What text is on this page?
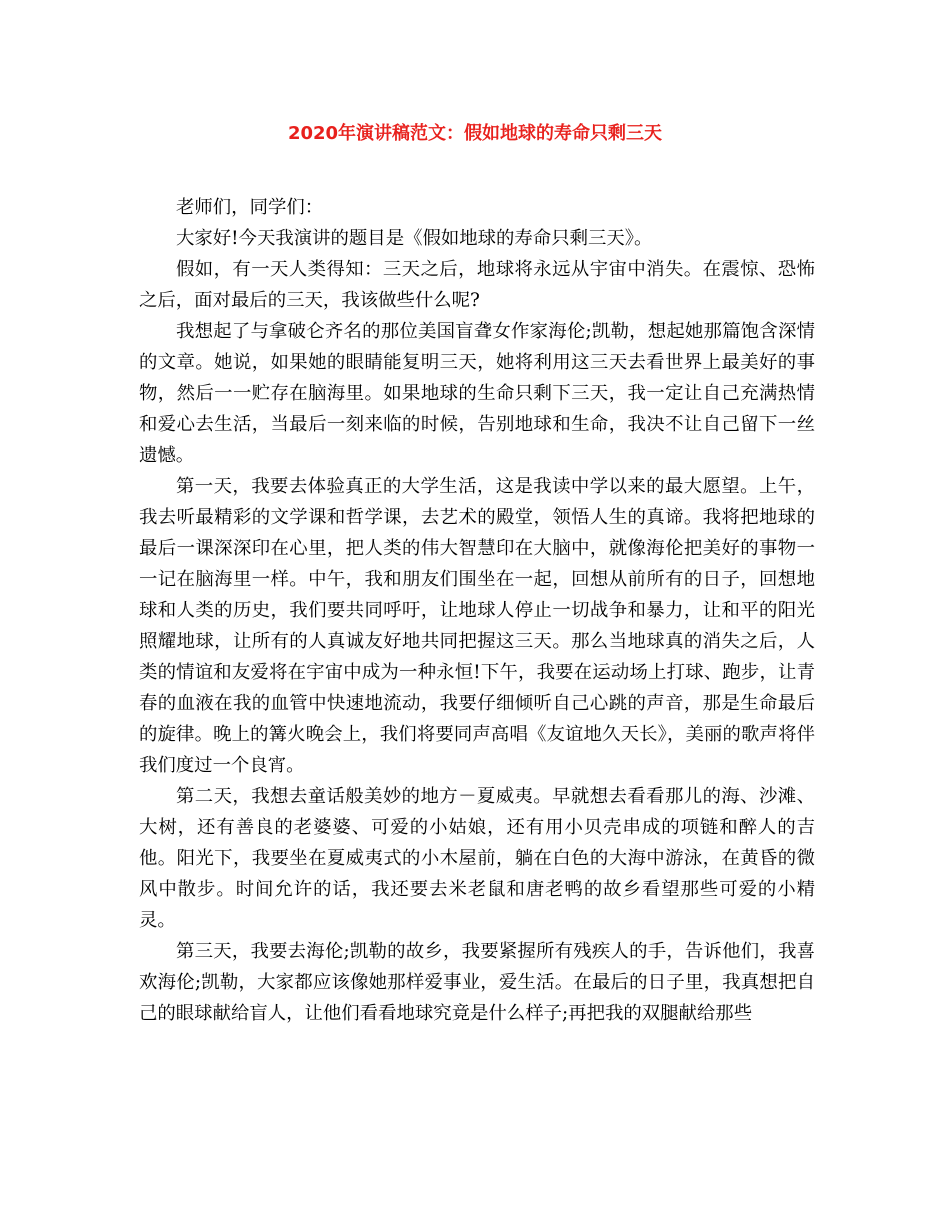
2020年演讲稿范文：假如地球的寿命只剩三天

老师们，同学们：

大家好!今天我演讲的题目是《假如地球的寿命只剩三天》。

假如，有一天人类得知：三天之后，地球将永远从宇宙中消失。在震惊、恐怖之后，面对最后的三天，我该做些什么呢?

我想起了与拿破仑齐名的那位美国盲聋女作家海伦;凯勒，想起她那篇饱含深情的文章。她说，如果她的眼睛能复明三天，她将利用这三天去看世界上最美好的事物，然后一一贮存在脑海里。如果地球的生命只剩下三天，我一定让自己充满热情和爱心去生活，当最后一刻来临的时候，告别地球和生命，我决不让自己留下一丝遗憾。

第一天，我要去体验真正的大学生活，这是我读中学以来的最大愿望。上午，我去听最精彩的文学课和哲学课，去艺术的殿堂，领悟人生的真谛。我将把地球的最后一课深深印在心里，把人类的伟大智慧印在大脑中，就像海伦把美好的事物一一记在脑海里一样。中午，我和朋友们围坐在一起，回想从前所有的日子，回想地球和人类的历史，我们要共同呼吁，让地球人停止一切战争和暴力，让和平的阳光照耀地球，让所有的人真诚友好地共同把握这三天。那么当地球真的消失之后，人类的情谊和友爱将在宇宙中成为一种永恒!下午，我要在运动场上打球、跑步，让青春的血液在我的血管中快速地流动，我要仔细倾听自己心跳的声音，那是生命最后的旋律。晚上的篝火晚会上，我们将要同声高唱《友谊地久天长》，美丽的歌声将伴我们度过一个良宵。

第二天，我想去童话般美妙的地方－夏威夷。早就想去看看那儿的海、沙滩、大树，还有善良的老婆婆、可爱的小姑娘，还有用小贝壳串成的项链和醉人的吉他。阳光下，我要坐在夏威夷式的小木屋前，躺在白色的大海中游泳，在黄昏的微风中散步。时间允许的话，我还要去米老鼠和唐老鸭的故乡看望那些可爱的小精灵。

第三天，我要去海伦;凯勒的故乡，我要紧握所有残疾人的手，告诉他们，我喜欢海伦;凯勒，大家都应该像她那样爱事业，爱生活。在最后的日子里，我真想把自己的眼球献给盲人，让他们看看地球究竟是什么样子;再把我的双腿献给那些
